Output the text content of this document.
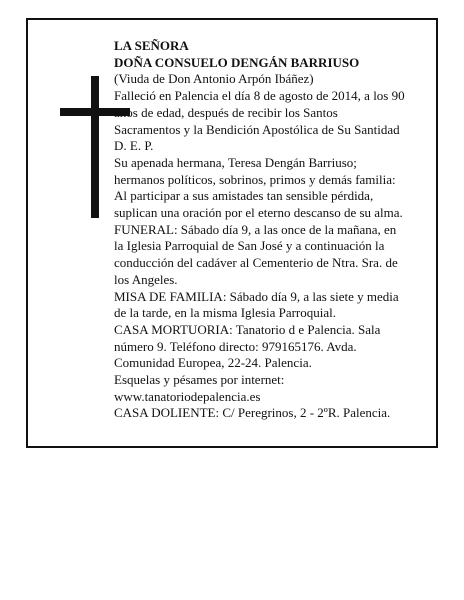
LA SEÑORA

DOÑA CONSUELO DENGÁN BARRIUSO

(Viuda de Don Antonio Arpón Ibáñez)

Falleció en Palencia el día 8 de agosto de 2014, a los 90

años de edad, después de recibir los Santos

Sacramentos y la Bendición Apostólica de Su Santidad

D. E. P.

Su apenada hermana, Teresa Dengán Barriuso;

hermanos políticos, sobrinos, primos y demás familia:

Al participar a sus amistades tan sensible pérdida,

suplican una oración por el eterno descanso de su alma.

FUNERAL: Sábado día 9, a las once de la mañana, en

la Iglesia Parroquial de San José y a continuación la

conducción del cadáver al Cementerio de Ntra. Sra. de

los Angeles.

MISA DE FAMILIA: Sábado día 9, a las siete y media

de la tarde, en la misma Iglesia Parroquial.

CASA MORTUORIA: Tanatorio d e Palencia. Sala

número 9. Teléfono directo: 979165176. Avda.

Comunidad Europea, 22-24. Palencia.

Esquelas y pésames por internet:

www.tanatoriodepalencia.es

CASA DOLIENTE: C/ Peregrinos, 2 - 2ºR. Palencia.
